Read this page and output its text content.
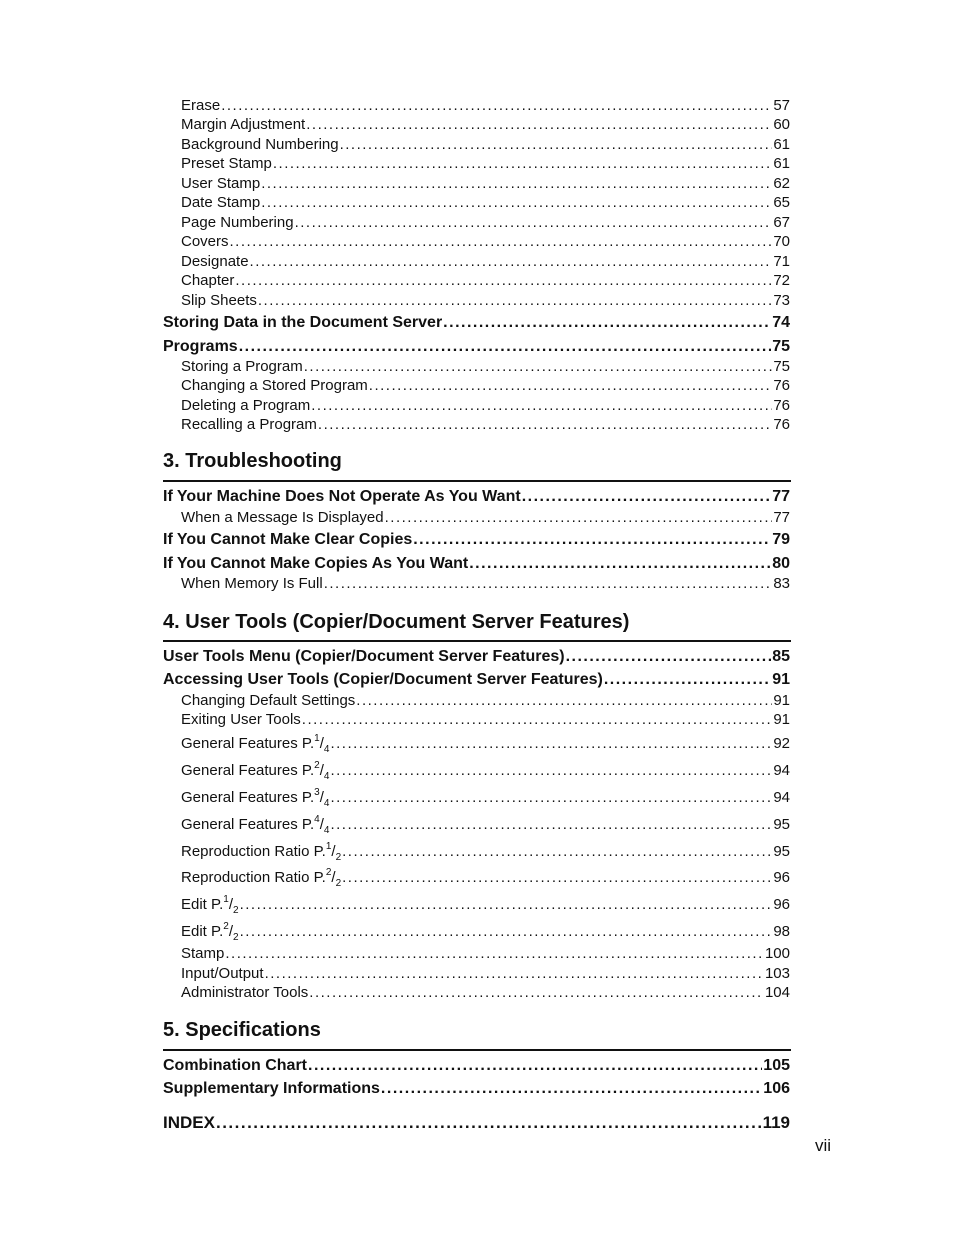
Erase .....	57
Margin Adjustment .....	60
Background Numbering .....	61
Preset Stamp .....	61
User Stamp .....	62
Date Stamp .....	65
Page Numbering .....	67
Covers .....	70
Designate .....	71
Chapter .....	72
Slip Sheets .....	73
Storing Data in the Document Server .....	74
Programs .....	75
Storing a Program .....	75
Changing a Stored Program .....	76
Deleting a Program .....	76
Recalling a Program .....	76
3. Troubleshooting
If Your Machine Does Not Operate As You Want .....	77
When a Message Is Displayed .....	77
If You Cannot Make Clear Copies .....	79
If You Cannot Make Copies As You Want .....	80
When Memory Is Full .....	83
4. User Tools (Copier/Document Server Features)
User Tools Menu (Copier/Document Server Features) .....	85
Accessing User Tools (Copier/Document Server Features) .....	91
Changing Default Settings .....	91
Exiting User Tools .....	91
General Features $P.^1/_4$ .....	92
General Features $P.^2/_4$ .....	94
General Features $P.^3/_4$ .....	94
General Features $P.^4/_4$ .....	95
Reproduction Ratio $P.^1/_2$ .....	95
Reproduction Ratio $P.^2/_2$ .....	96
Edit $P.^1/_2$ .....	96
Edit $P.^2/_2$ .....	98
Stamp .....	100
Input/Output .....	103
Administrator Tools .....	104
5. Specifications
Combination Chart .....	105
Supplementary Informations .....	106
INDEX .....	119
vii
